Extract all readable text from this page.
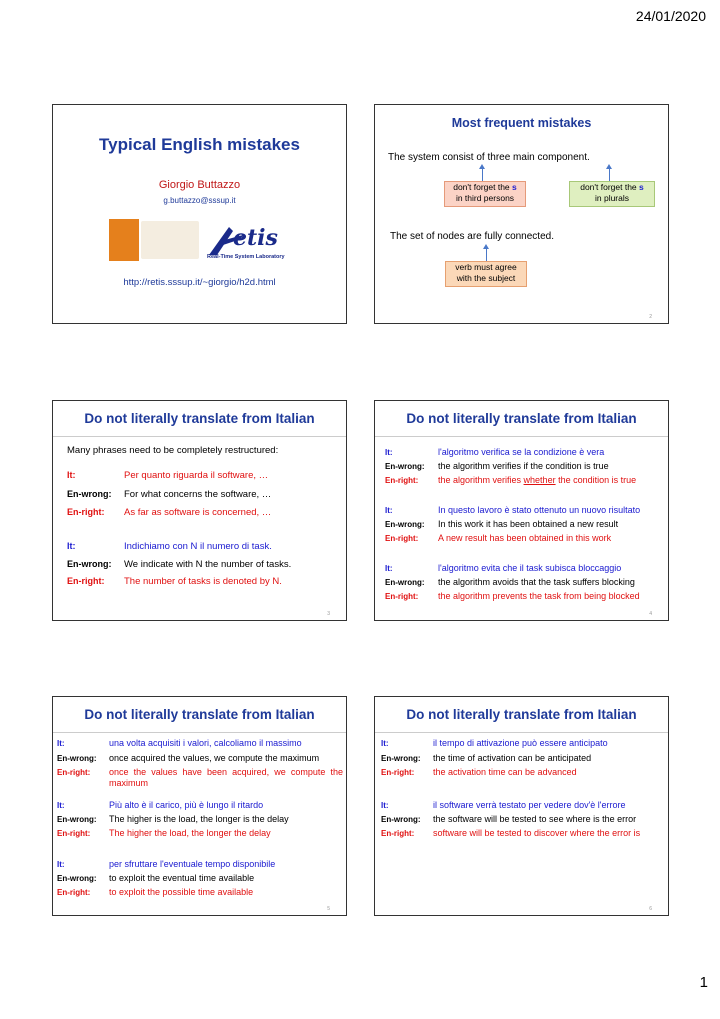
24/01/2020
1
Typical English mistakes
Giorgio Buttazzo
g.buttazzo@sssup.it
etis
Real-Time System Laboratory
http://retis.sssup.it/~giorgio/h2d.html
Most frequent mistakes
The system consist of three main component.
don't forget the s
in third persons
don't forget the s
in plurals
The set of nodes are fully connected.
verb must agree
with the subject
2
Do not literally translate from Italian
Many phrases need to be completely restructured:
It:	Per quanto riguarda il software, …
En-wrong: For what concerns the software, …
En-right: As far as software is concerned, …
It:	Indichiamo con N il numero di task.
En-wrong: We indicate with N the number of tasks.
En-right: The number of tasks is denoted by N.
3
Do not literally translate from Italian
It:	l'algoritmo verifica se la condizione è vera
En-wrong: the algorithm verifies if the condition is true
En-right: the algorithm verifies whether the condition is true
It:	In questo lavoro è stato ottenuto un nuovo risultato
En-wrong: In this work it has been obtained a new result
En-right: A new result has been obtained in this work
It:	l'algoritmo evita che il task subisca bloccaggio
En-wrong: the algorithm avoids that the task suffers blocking
En-right: the algorithm prevents the task from being blocked
4
Do not literally translate from Italian
It:	una volta acquisiti i valori, calcoliamo il massimo
En-wrong: once acquired the values, we compute the maximum
En-right: once the values have been acquired, we compute the maximum
It:	Più alto è il carico, più è lungo il ritardo
En-wrong: The higher is the load, the longer is the delay
En-right: The higher the load, the longer the delay
It:	per sfruttare l'eventuale tempo disponibile
En-wrong: to exploit the eventual time available
En-right: to exploit the possible time available
5
Do not literally translate from Italian
It:	il tempo di attivazione può essere anticipato
En-wrong: the time of activation can be anticipated
En-right: the activation time can be advanced
It:	il software verrà testato per vedere dov'è l'errore
En-wrong: the software will be tested to see where is the error
En-right: software will be tested to discover where the error is
6
